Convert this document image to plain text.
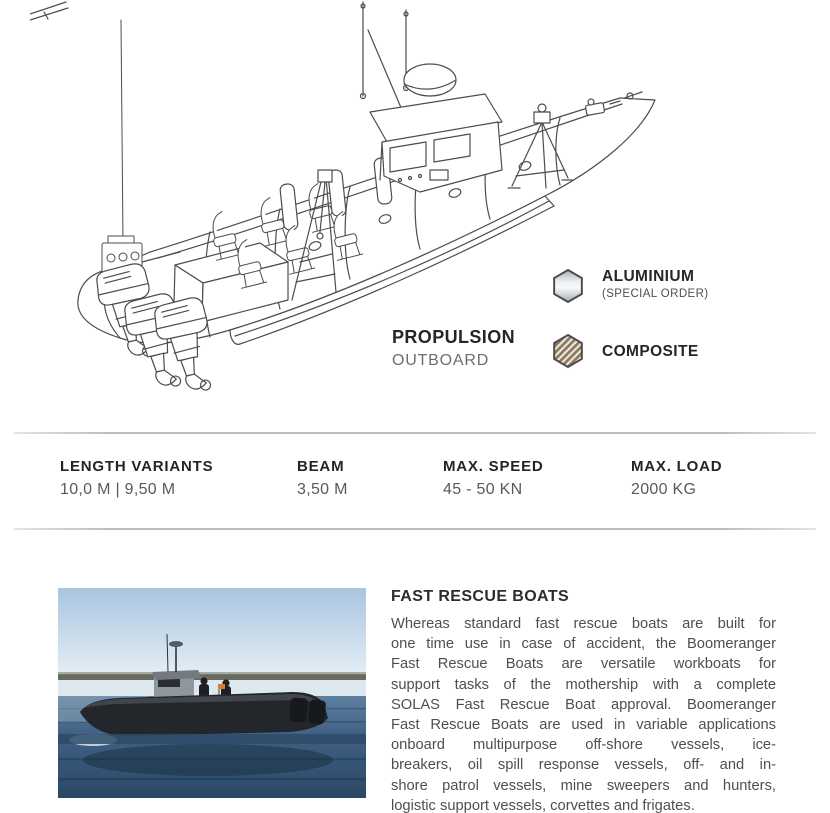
PROPULSION
OUTBOARD
ALUMINIUM
(SPECIAL ORDER)
COMPOSITE
LENGTH VARIANTS
10,0 M | 9,50 M
BEAM
3,50 M
MAX. SPEED
45 - 50 KN
MAX. LOAD
2000 KG
FAST RESCUE BOATS
Whereas standard fast rescue boats are built for
one time use in case of accident, the Boomeranger
Fast Rescue Boats are versatile workboats for
support tasks of the mothership with a complete
SOLAS Fast Rescue Boat approval. Boomeranger
Fast Rescue Boats are used in variable applications
onboard multipurpose off-shore vessels, ice-
breakers, oil spill response vessels, off- and in-
shore patrol vessels, mine sweepers and hunters,
logistic support vessels, corvettes and frigates.
